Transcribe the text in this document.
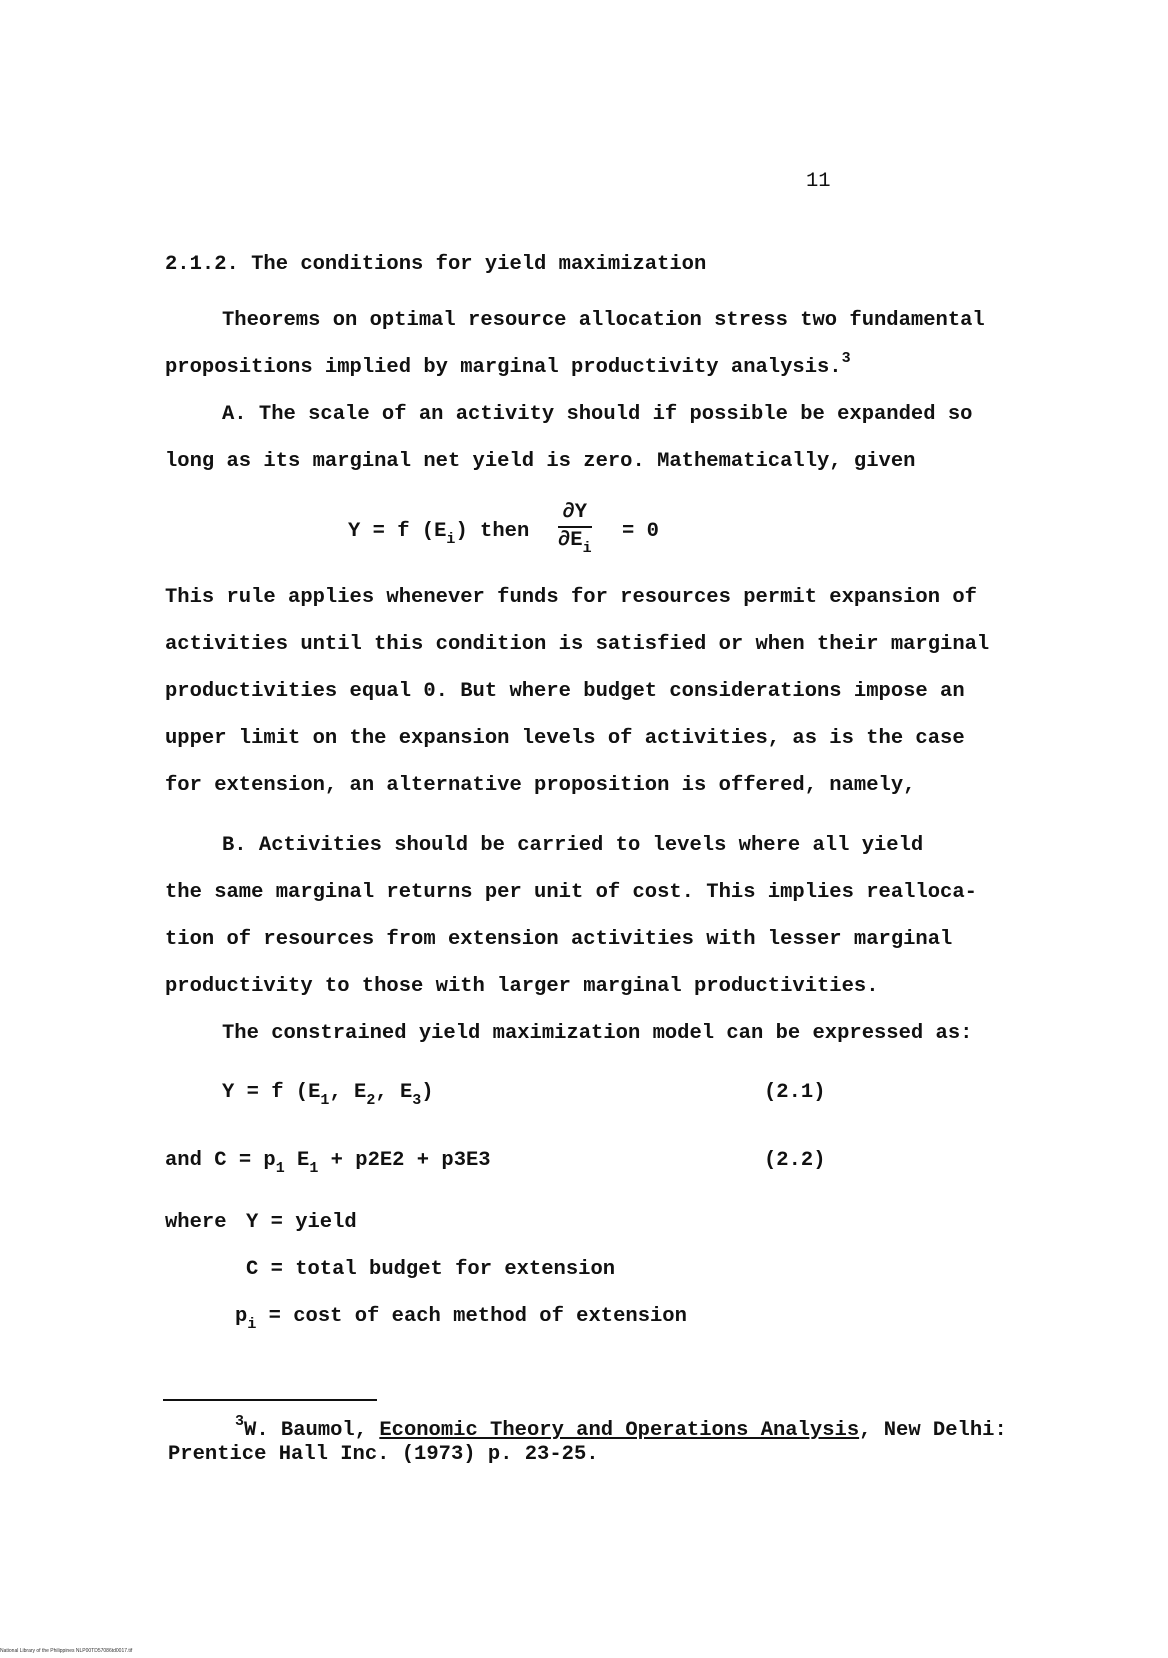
11
2.1.2. The conditions for yield maximization
Theorems on optimal resource allocation stress two fundamental
propositions implied by marginal productivity analysis.$^3$
A. The scale of an activity should if possible be expanded so
long as its marginal net yield is zero. Mathematically, given
Y = f $(E_i)$ then $\frac{\partial Y}{\partial E_i} = 0$
This rule applies whenever funds for resources permit expansion of
activities until this condition is satisfied or when their marginal
productivities equal 0. But where budget considerations impose an
upper limit on the expansion levels of activities, as is the case
for extension, an alternative proposition is offered, namely,
B. Activities should be carried to levels where all yield
the same marginal returns per unit of cost. This implies realloca-
tion of resources from extension activities with lesser marginal
productivity to those with larger marginal productivities.
The constrained yield maximization model can be expressed as:
Y = f ($E_1$, $E_2$, $E_3$)	(2.1)
and $C = p_1$ $E_1 + p2E2 + p3E3$	(2.2)
where Y = yield
C = total budget for extension
$p_i = \cos t$ of each method of extension
$^3$W. Baumol, Economic Theory and Operations Analysis, New Delhi:
Prentice Hall Inc. (1973) p. 23-25.
National Library of the Philippines NLP00TD57086td0017.tif
